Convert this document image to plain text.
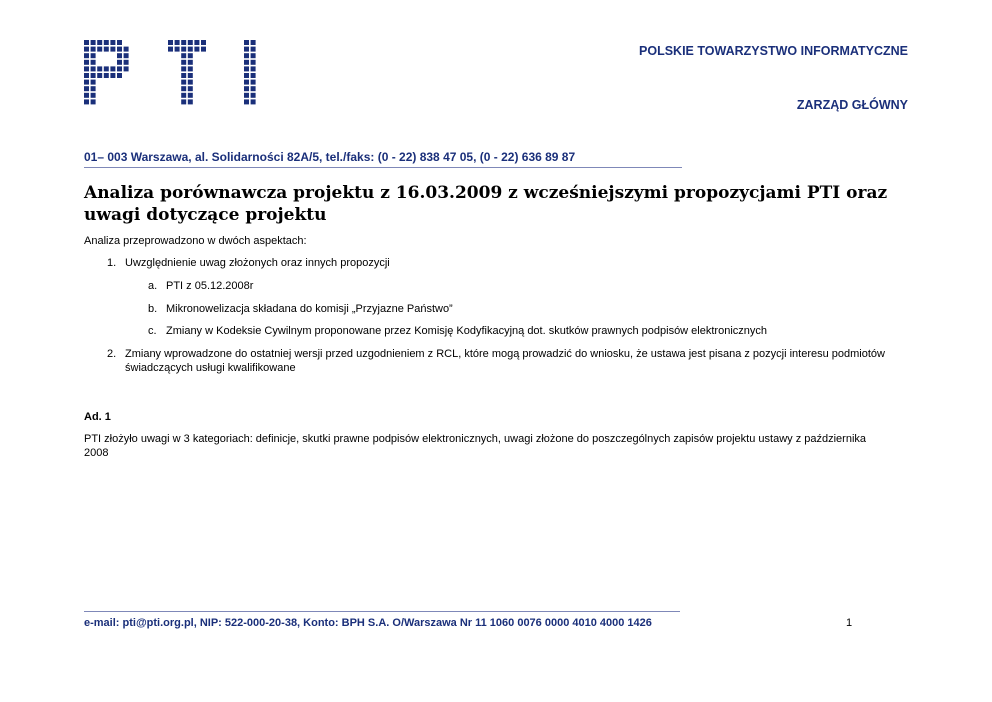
POLSKIE TOWARZYSTWO INFORMATYCZNE
ZARZĄD GŁÓWNY
01– 003 Warszawa, al. Solidarności 82A/5, tel./faks: (0 - 22) 838 47 05, (0 - 22) 636 89 87
Analiza porównawcza projektu z 16.03.2009 z wcześniejszymi propozycjami PTI oraz uwagi dotyczące projektu
Analiza przeprowadzono w dwóch aspektach:
1. Uwzględnienie uwag złożonych oraz innych propozycji
a. PTI z 05.12.2008r
b. Mikronowelizacja składana do komisji „Przyjazne Państwo”
c. Zmiany w Kodeksie Cywilnym proponowane przez Komisję Kodyfikacyjną dot. skutków prawnych podpisów elektronicznych
2. Zmiany wprowadzone do ostatniej wersji przed uzgodnieniem z RCL, które mogą prowadzić do wniosku, że ustawa jest pisana z pozycji interesu podmiotów świadczących usługi kwalifikowane
Ad. 1
PTI złożyło uwagi w 3 kategoriach: definicje, skutki prawne podpisów elektronicznych, uwagi złożone do poszczególnych zapisów projektu ustawy z października 2008
e-mail: pti@pti.org.pl, NIP: 522-000-20-38, Konto: BPH S.A. O/Warszawa Nr 11 1060 0076 0000 4010 4000 1426	1
